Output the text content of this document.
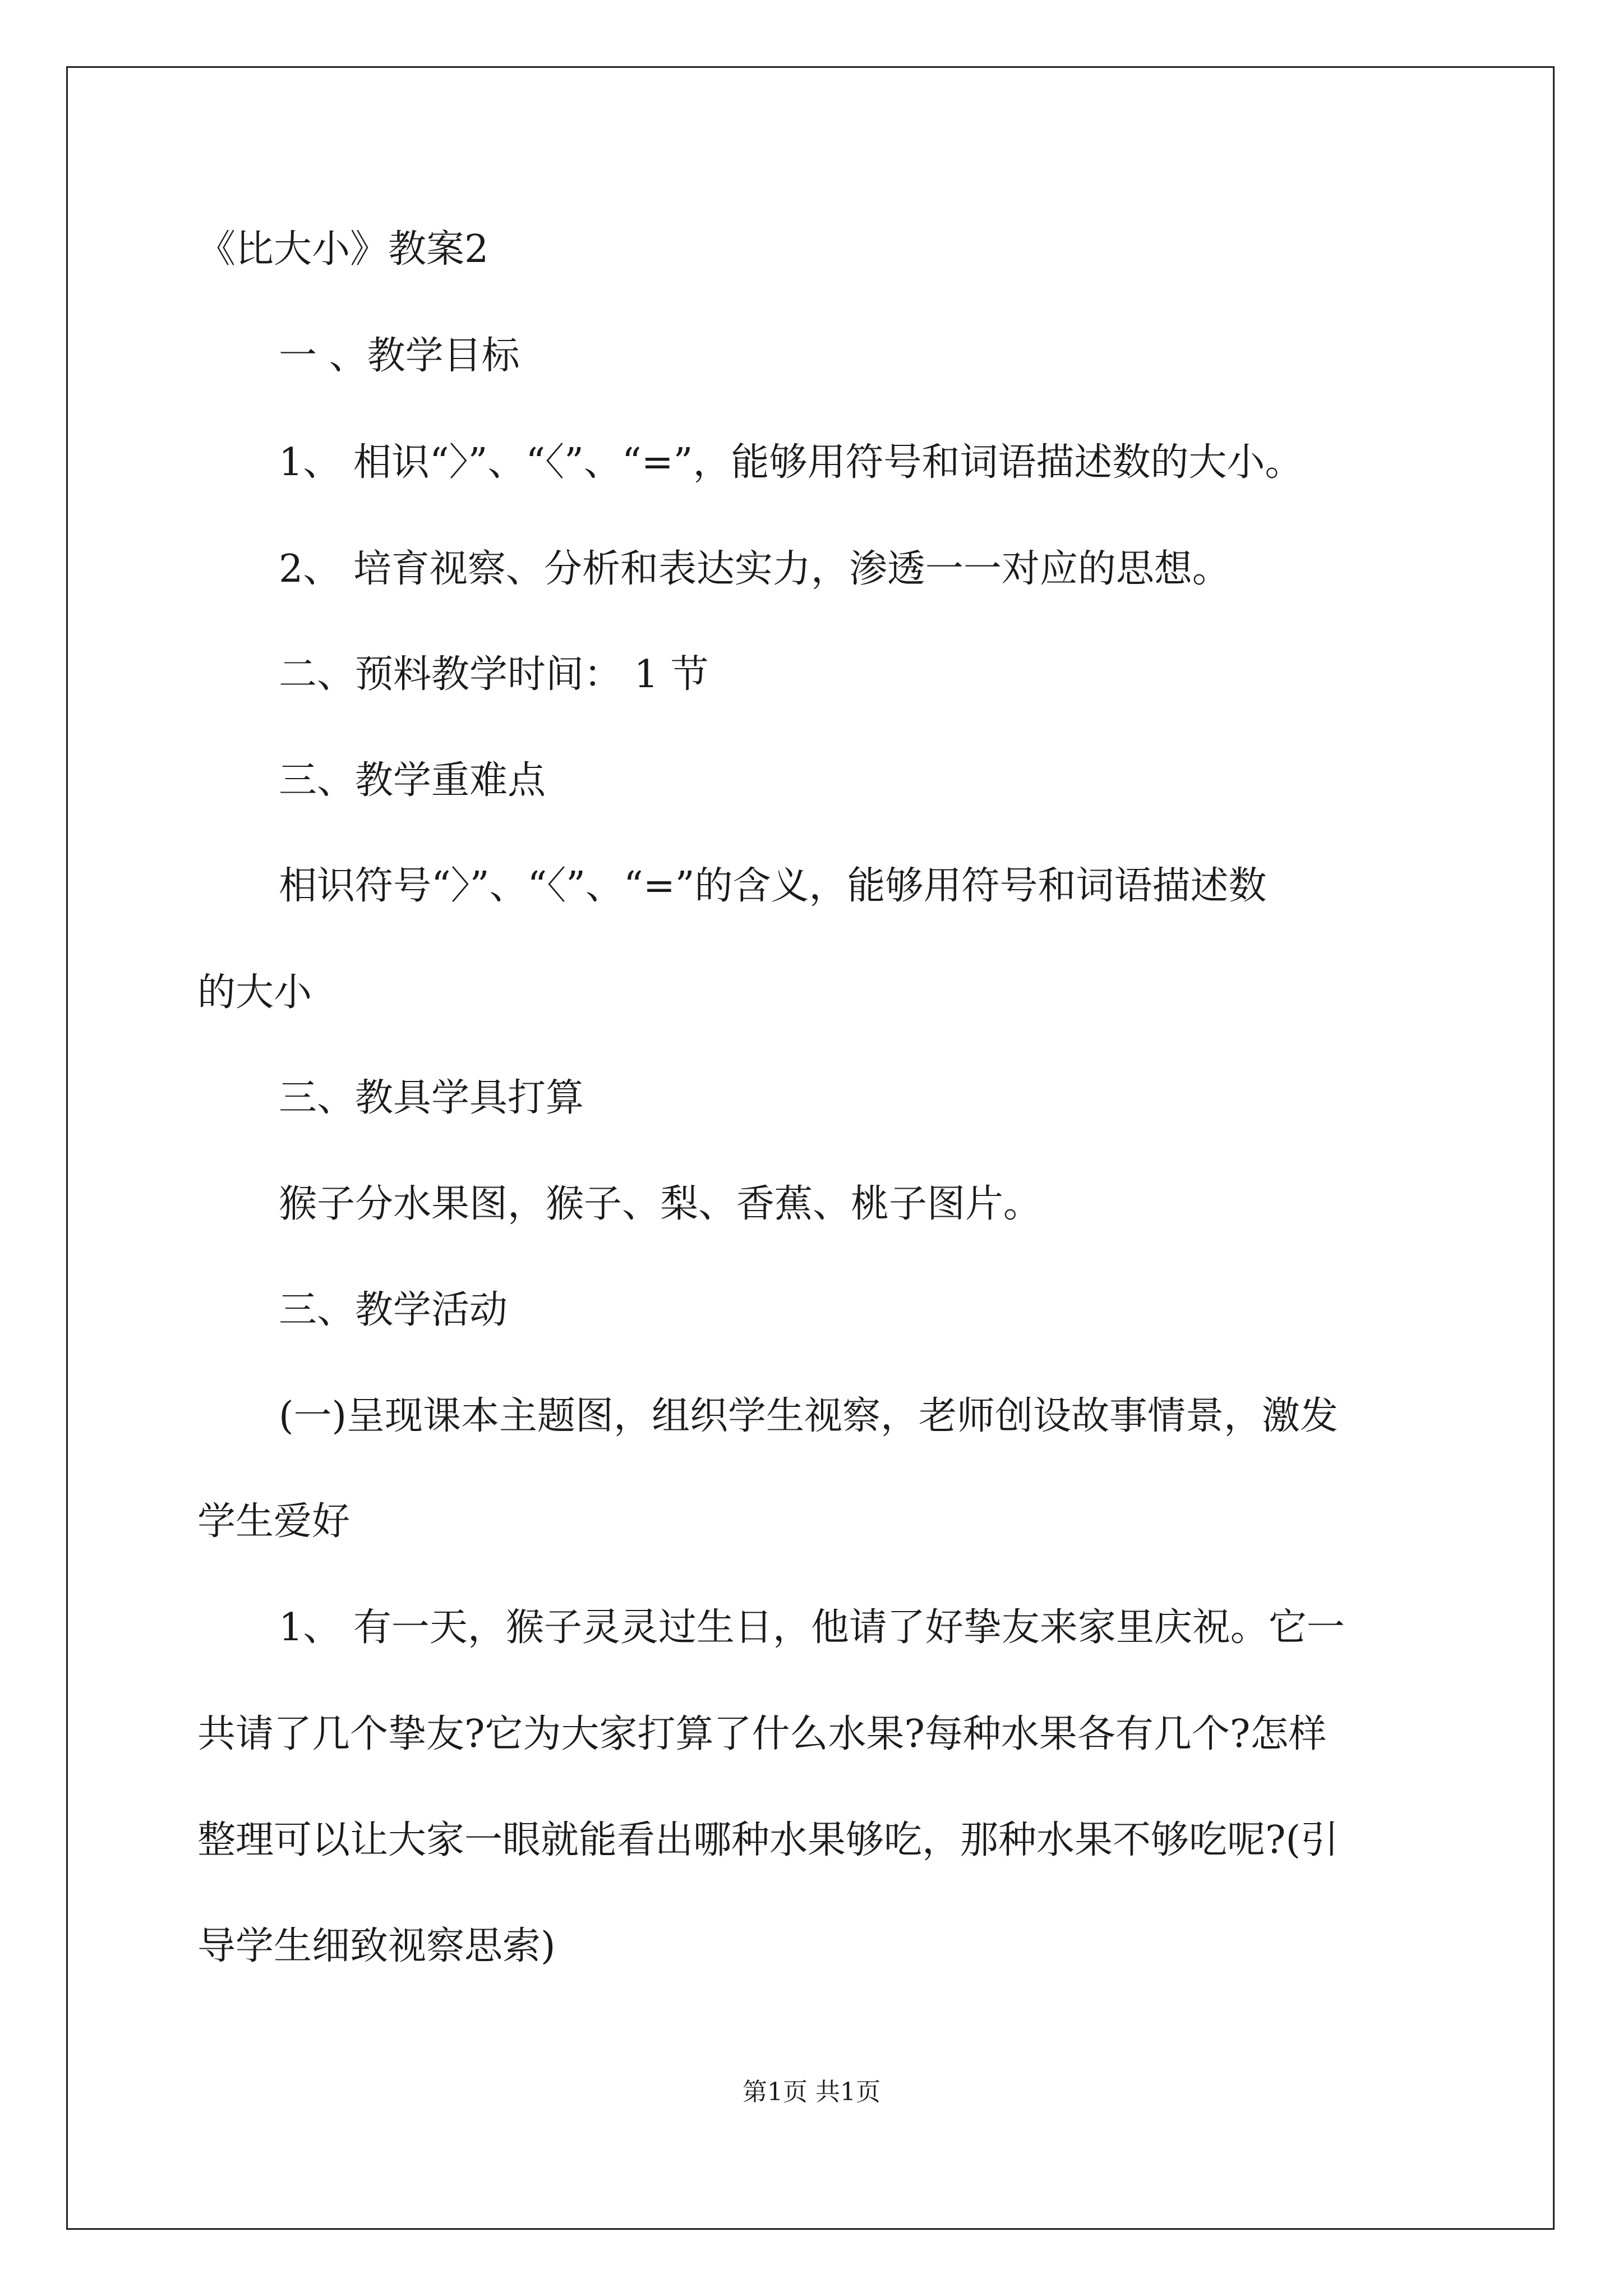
《比大小》教案2
一 、教学目标
1、 相识“〉”、“〈”、“=”，能够用符号和词语描述数的大小。
2、 培育视察、分析和表达实力，渗透一一对应的思想。
二、预料教学时间： 1 节
三、教学重难点
相识符号“〉”、“〈”、“=”的含义，能够用符号和词语描述数
的大小
三、教具学具打算
猴子分水果图，猴子、梨、香蕉、桃子图片。
三、教学活动
(一)呈现课本主题图，组织学生视察，老师创设故事情景，激发
学生爱好
1、 有一天，猴子灵灵过生日，他请了好挚友来家里庆祝。它一
共请了几个挚友?它为大家打算了什么水果?每种水果各有几个?怎样
整理可以让大家一眼就能看出哪种水果够吃，那种水果不够吃呢?(引
导学生细致视察思索)
第1页 共1页
